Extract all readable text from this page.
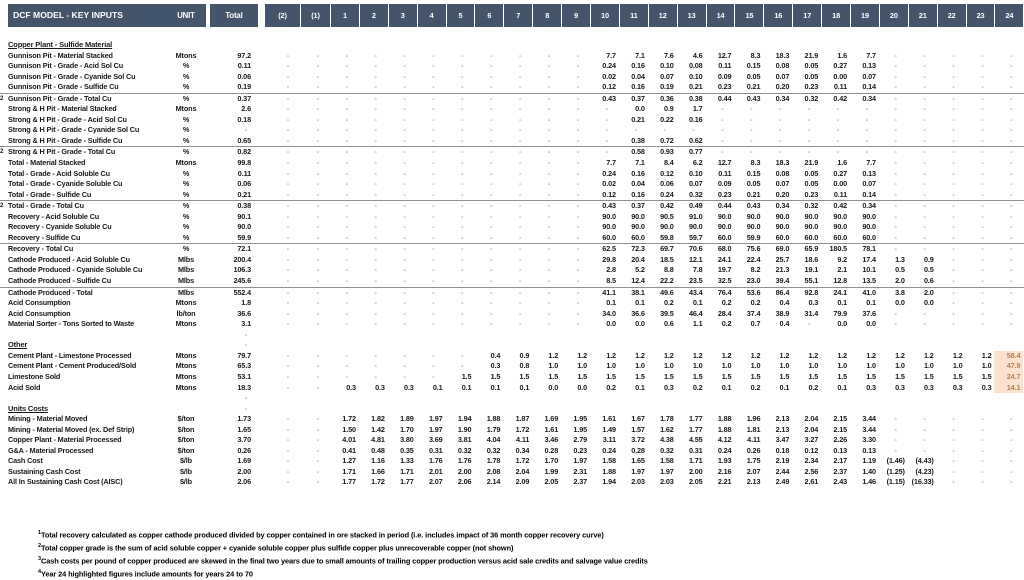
DCF MODEL - KEY INPUTS	UNIT	Total	(2)	(1)	1	2	3	4	5	6	7	8	9	10	11	12	13	14	15	16	17	18	19	20	21	22	23	24
Copper Plant - Sulfide Material
Gunnison Pit - Material Stacked	Mtons	97.2	-	-	-	-	-	-	-	-	-	-	-	7.7	7.1	7.6	4.6	12.7	8.3	18.3	21.9	1.6	7.7	-	-	-	-	-
Gunnison Pit - Grade - Acid Sol Cu	%	0.11	-	-	-	-	-	-	-	-	-	-	-	0.24	0.16	0.10	0.08	0.11	0.15	0.08	0.05	0.27	0.13	-	-	-	-	-
Gunnison Pit - Grade - Cyanide Sol Cu	%	0.06	-	-	-	-	-	-	-	-	-	-	-	0.02	0.04	0.07	0.10	0.09	0.05	0.07	0.05	0.00	0.07	-	-	-	-	-
Gunnison Pit - Grade - Sulfide Cu	%	0.19	-	-	-	-	-	-	-	-	-	-	-	0.12	0.16	0.19	0.21	0.23	0.21	0.20	0.23	0.11	0.14	-	-	-	-	-
2 Gunnison Pit - Grade - Total Cu	%	0.37	-	-	-	-	-	-	-	-	-	-	-	0.43	0.37	0.36	0.38	0.44	0.43	0.34	0.32	0.42	0.34	-	-	-	-	-
Strong & H Pit - Material Stacked	Mtons	2.6	-	-	-	-	-	-	-	-	-	-	-	-	0.0	0.9	1.7	-	-	-	-	-	-	-	-	-	-	-
Strong & H Pit - Grade - Acid Sol Cu	%	0.18	-	-	-	-	-	-	-	-	-	-	-	-	0.21	0.22	0.16	-	-	-	-	-	-	-	-	-	-	-
Strong & H Pit - Grade - Cyanide Sol Cu	%	-	-	-	-	-	-	-	-	-	-	-	-	-	-	-	-	-	-	-	-	-	-	-	-	-	-	-
Strong & H Pit - Grade - Sulfide Cu	%	0.65	-	-	-	-	-	-	-	-	-	-	-	-	0.38	0.72	0.62	-	-	-	-	-	-	-	-	-	-	-
2 Strong & H Pit - Grade - Total Cu	%	0.82	-	-	-	-	-	-	-	-	-	-	-	-	0.58	0.93	0.77	-	-	-	-	-	-	-	-	-	-	-
Total - Material Stacked	Mtons	99.8	-	-	-	-	-	-	-	-	-	-	-	7.7	7.1	8.4	6.2	12.7	8.3	18.3	21.9	1.6	7.7	-	-	-	-	-
Total - Grade - Acid Soluble Cu	%	0.11	-	-	-	-	-	-	-	-	-	-	-	0.24	0.16	0.12	0.10	0.11	0.15	0.08	0.05	0.27	0.13	-	-	-	-	-
Total - Grade - Cyanide Soluble Cu	%	0.06	-	-	-	-	-	-	-	-	-	-	-	0.02	0.04	0.06	0.07	0.09	0.05	0.07	0.05	0.00	0.07	-	-	-	-	-
Total - Grade - Sulfide Cu	%	0.21	-	-	-	-	-	-	-	-	-	-	-	0.12	0.16	0.24	0.32	0.23	0.21	0.20	0.23	0.11	0.14	-	-	-	-	-
2 Total - Grade - Total Cu	%	0.38	-	-	-	-	-	-	-	-	-	-	-	0.43	0.37	0.42	0.49	0.44	0.43	0.34	0.32	0.42	0.34	-	-	-	-	-
Recovery - Acid Soluble Cu	%	90.1	-	-	-	-	-	-	-	-	-	-	-	90.0	90.0	90.5	91.0	90.0	90.0	90.0	90.0	90.0	90.0	-	-	-	-	-
Recovery - Cyanide Soluble Cu	%	90.0	-	-	-	-	-	-	-	-	-	-	-	90.0	90.0	90.0	90.0	90.0	90.0	90.0	90.0	90.0	90.0	-	-	-	-	-
Recovery - Sulfide Cu	%	59.9	-	-	-	-	-	-	-	-	-	-	-	60.0	60.0	59.8	59.7	60.0	59.9	60.0	60.0	60.0	60.0	-	-	-	-	-
Recovery - Total Cu	%	72.1	-	-	-	-	-	-	-	-	-	-	-	62.5	72.3	69.7	70.6	68.0	75.6	69.0	65.9	180.5	78.1	-	-	-	-	-
Cathode Produced - Acid Soluble Cu	Mlbs	200.4	-	-	-	-	-	-	-	-	-	-	-	29.8	20.4	18.5	12.1	24.1	22.4	25.7	18.6	9.2	17.4	1.3	0.9	-	-	-
Cathode Produced - Cyanide Soluble Cu	Mlbs	106.3	-	-	-	-	-	-	-	-	-	-	-	2.8	5.2	8.8	7.8	19.7	8.2	21.3	19.1	2.1	10.1	0.5	0.5	-	-	-
Cathode Produced - Sulfide Cu	Mlbs	245.6	-	-	-	-	-	-	-	-	-	-	-	8.5	12.4	22.2	23.5	32.5	23.0	39.4	55.1	12.8	13.5	2.0	0.6	-	-	-
Cathode Produced - Total	Mlbs	552.4	-	-	-	-	-	-	-	-	-	-	-	41.1	38.1	49.6	43.4	76.4	53.6	86.4	92.8	24.1	41.0	3.8	2.0	-	-	-
Acid Consumption	Mtons	1.8	-	-	-	-	-	-	-	-	-	-	-	0.1	0.1	0.2	0.1	0.2	0.2	0.4	0.3	0.1	0.1	0.0	0.0	-	-	-
Acid Consumption	lb/ton	36.6	-	-	-	-	-	-	-	-	-	-	-	34.0	36.6	39.5	46.4	28.4	37.4	38.9	31.4	79.9	37.6	-	-	-	-	-
Material Sorter - Tons Sorted to Waste	Mtons	3.1	-	-	-	-	-	-	-	-	-	-	-	0.0	0.0	0.6	1.1	0.2	0.7	0.4	-	0.0	0.0	-	-	-	-	-
-
Other	-
Cement Plant - Limestone Processed	Mtons	79.7	-	-	-	-	-	-	-	0.4	0.9	1.2	1.2	1.2	1.2	1.2	1.2	1.2	1.2	1.2	1.2	1.2	1.2	1.2	1.2	1.2	1.2	58.4
Cement Plant - Cement Produced/Sold	Mtons	65.3	-	-	-	-	-	-	-	0.3	0.8	1.0	1.0	1.0	1.0	1.0	1.0	1.0	1.0	1.0	1.0	1.0	1.0	1.0	1.0	1.0	1.0	47.9
Limestone Sold	Mtons	53.1	-	-	-	-	-	-	1.5	1.5	1.5	1.5	1.5	1.5	1.5	1.5	1.5	1.5	1.5	1.5	1.5	1.5	1.5	1.5	1.5	1.5	1.5	24.7
Acid Sold	Mtons	18.3	-	-	0.3	0.3	0.3	0.1	0.1	0.1	0.1	0.0	0.0	0.2	0.1	0.3	0.2	0.1	0.2	0.1	0.2	0.1	0.3	0.3	0.3	0.3	0.3	14.1
-
Units Costs	-
Mining - Material Moved	$/ton	1.73	-	-	1.72	1.82	1.89	1.97	1.94	1.88	1.87	1.69	1.95	1.61	1.67	1.78	1.77	1.88	1.96	2.13	2.04	2.15	3.44	-	-	-	-	-
Mining - Material Moved (ex. Def Strip)	$/ton	1.65	-	-	1.50	1.42	1.70	1.97	1.90	1.79	1.72	1.61	1.95	1.49	1.57	1.62	1.77	1.88	1.81	2.13	2.04	2.15	3.44	-	-	-	-	-
Copper Plant - Material Processed	$/ton	3.70	-	-	4.01	4.81	3.80	3.69	3.81	4.04	4.11	3.46	2.79	3.11	3.72	4.38	4.55	4.12	4.11	3.47	3.27	2.26	3.30	-	-	-	-	-
G&A - Material Processed	$/ton	0.26	-	-	0.41	0.48	0.35	0.31	0.32	0.32	0.34	0.28	0.23	0.24	0.28	0.32	0.31	0.24	0.26	0.18	0.12	0.13	0.13	-	-	-	-	-
Cash Cost	$/lb	1.69	-	-	1.27	1.16	1.33	1.76	1.76	1.78	1.72	1.70	1.97	1.58	1.65	1.58	1.71	1.93	1.75	2.19	2.34	2.17	1.19	(1.46)	(4.43)	-	-	-
Sustaining Cash Cost	$/lb	2.00	-	-	1.71	1.66	1.71	2.01	2.00	2.08	2.04	1.99	2.31	1.88	1.97	1.97	2.00	2.16	2.07	2.44	2.56	2.37	1.40	(1.25)	(4.23)	-	-	-
All In Sustaining Cash Cost (AISC)	$/lb	2.06	-	-	1.77	1.72	1.77	2.07	2.06	2.14	2.09	2.05	2.37	1.94	2.03	2.03	2.05	2.21	2.13	2.49	2.61	2.43	1.46	(1.15) (16.33)	-	-	-
$^1$Total recovery calculated as copper cathode produced divided by copper contained in ore stacked in period (i.e. includes impact of 36 month copper recovery curve)
$^2$Total copper grade is the sum of acid soluble copper + cyanide soluble copper plus sulfide copper plus unrecoverable copper (not shown)
$^3$Cash costs per pound of copper produced are skewed in the final two years due to small amounts of trailing copper production versus acid sale credits and salvage value credits
$^4$Year 24 highlighted figures include amounts for years 24 to 70
